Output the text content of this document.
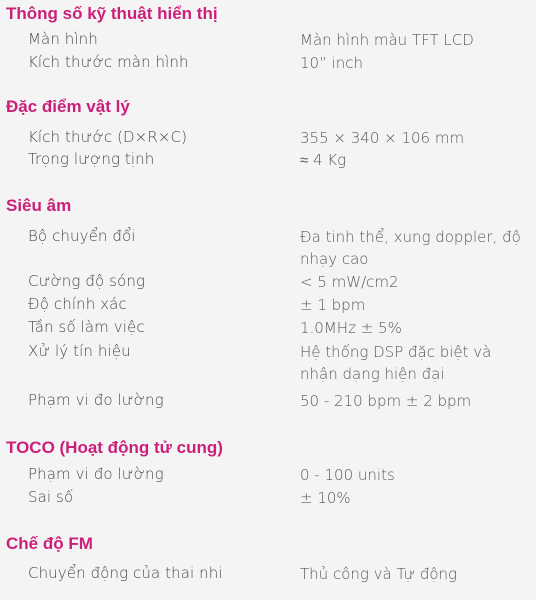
Thông số kỹ thuật hiển thị
Màn hình	Màn hình màu TFT LCD
Kích thước màn hình	10” inch
Đặc điểm vật lý
Kích thước (D×R×C)	355 × 340 × 106 mm
Trọng lượng tịnh	≈ 4 Kg
Siêu âm
Bộ chuyển đổi	Đa tinh thể, xung doppler, độ nhạy cao
Cường độ sóng	< 5 mW/cm2
Độ chính xác	± 1 bpm
Tần số làm việc	1.0MHz ± 5%
Xử lý tín hiệu	Hệ thống DSP đặc biệt và nhận dạng hiện đại
Phạm vi đo lường	50 - 210 bpm ± 2 bpm
TOCO (Hoạt động tử cung)
Phạm vi đo lường	0 - 100 units
Sai số	± 10%
Chế độ FM
Chuyển động của thai nhi	Thủ công và Tự động
